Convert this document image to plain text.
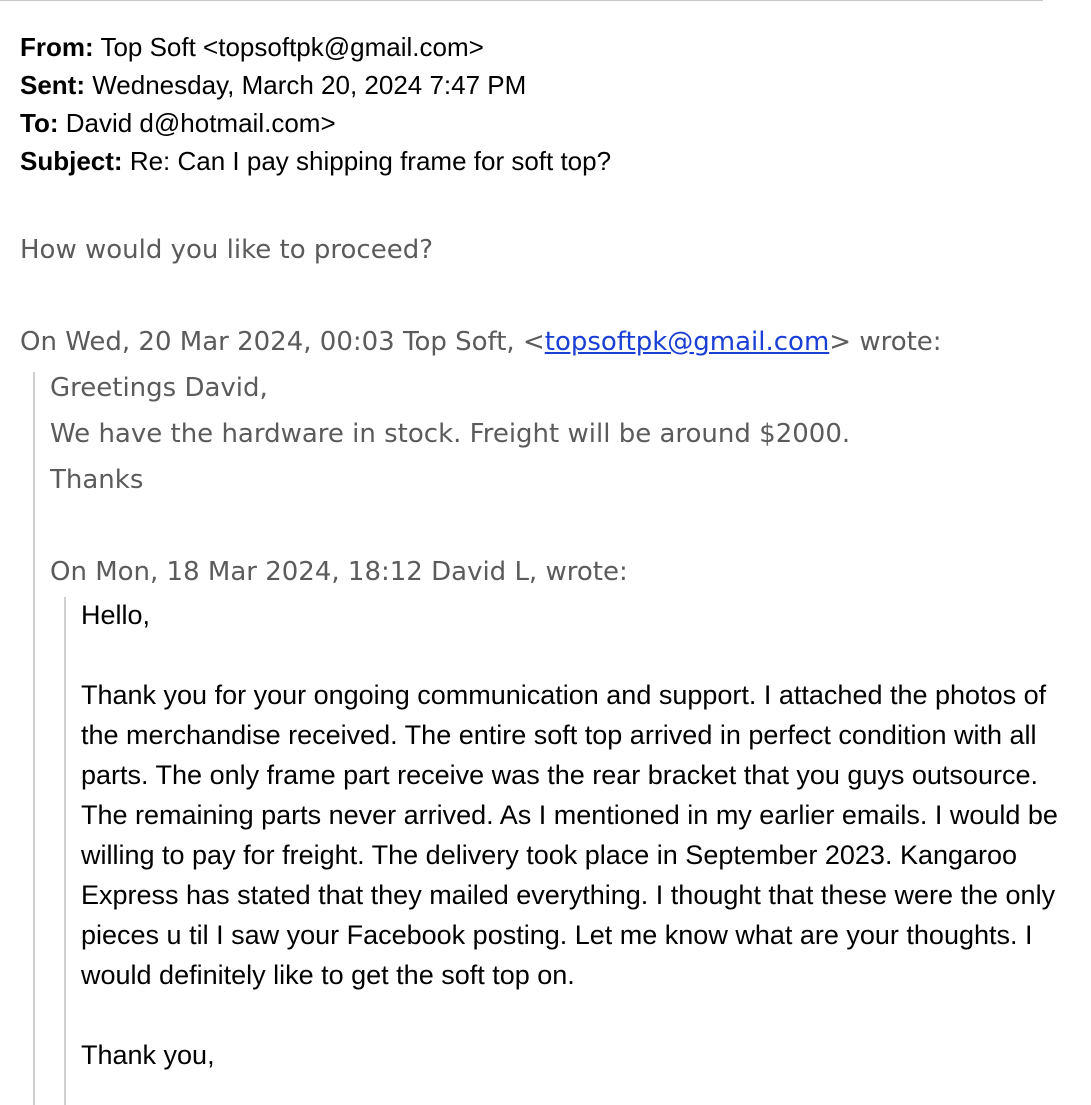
From: Top Soft <topsoftpk@gmail.com>
Sent: Wednesday, March 20, 2024 7:47 PM
To: David d@hotmail.com>
Subject: Re: Can I pay shipping frame for soft top?
How would you like to proceed?
On Wed, 20 Mar 2024, 00:03 Top Soft, <topsoftpk@gmail.com> wrote:
Greetings David,
We have the hardware in stock. Freight will be around $2000.
Thanks
On Mon, 18 Mar 2024, 18:12 David L, wrote:

Hello,

Thank you for your ongoing communication and support. I attached the photos of the merchandise received. The entire soft top arrived in perfect condition with all parts. The only frame part receive was the rear bracket that you guys outsource. The remaining parts never arrived. As I mentioned in my earlier emails. I would be willing to pay for freight. The delivery took place in September 2023. Kangaroo Express has stated that they mailed everything. I thought that these were the only pieces u til I saw your Facebook posting. Let me know what are your thoughts. I would definitely like to get the soft top on.

Thank you,
